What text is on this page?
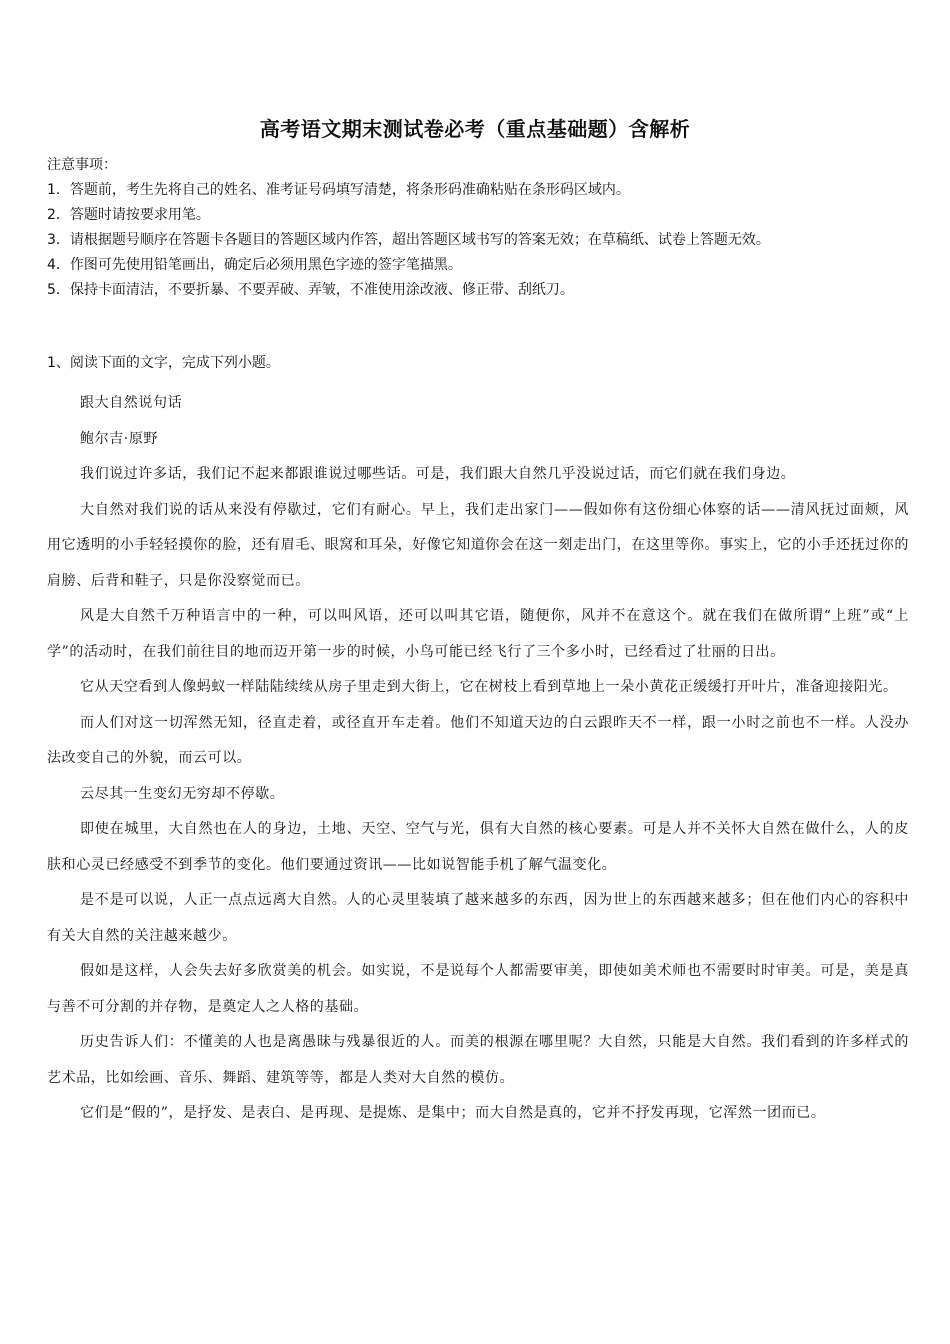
高考语文期末测试卷必考（重点基础题）含解析
注意事项：
1．答题前，考生先将自己的姓名、准考证号码填写清楚，将条形码准确粘贴在条形码区域内。
2．答题时请按要求用笔。
3．请根据题号顺序在答题卡各题目的答题区域内作答，超出答题区域书写的答案无效；在草稿纸、试卷上答题无效。
4．作图可先使用铅笔画出，确定后必须用黑色字迹的签字笔描黑。
5．保持卡面清洁，不要折暴、不要弄破、弄皱，不准使用涂改液、修正带、刮纸刀。
1、阅读下面的文字，完成下列小题。

跟大自然说句话

鲍尔吉·原野

我们说过许多话，我们记不起来都跟谁说过哪些话。可是，我们跟大自然几乎没说过话，而它们就在我们身边。

大自然对我们说的话从来没有停歇过，它们有耐心。早上，我们走出家门——假如你有这份细心体察的话——清风抚过面颊，风用它透明的小手轻轻摸你的脸，还有眉毛、眼窝和耳朵，好像它知道你会在这一刻走出门，在这里等你。事实上，它的小手还抚过你的肩膀、后背和鞋子，只是你没察觉而已。

风是大自然千万种语言中的一种，可以叫风语，还可以叫其它语，随便你，风并不在意这个。就在我们在做所谓“上班”或“上学”的活动时，在我们前往目的地而迈开第一步的时候，小鸟可能已经飞行了三个多小时，已经看过了壮丽的日出。

它从天空看到人像蚂蚁一样陆陆续续从房子里走到大街上，它在树枝上看到草地上一朵小黄花正缓缓打开叶片，准备迎接阳光。

而人们对这一切浑然无知，径直走着，或径直开车走着。他们不知道天边的白云跟昨天不一样，跟一小时之前也不一样。人没办法改变自己的外貌，而云可以。

云尽其一生变幻无穷却不停歇。

即使在城里，大自然也在人的身边，土地、天空、空气与光，俱有大自然的核心要素。可是人并不关怀大自然在做什么，人的皮肤和心灵已经感受不到季节的变化。他们要通过资讯——比如说智能手机了解气温变化。

是不是可以说，人正一点点远离大自然。人的心灵里装填了越来越多的东西，因为世上的东西越来越多；但在他们内心的容积中有关大自然的关注越来越少。

假如是这样，人会失去好多欣赏美的机会。如实说，不是说每个人都需要审美，即使如美术师也不需要时时审美。可是，美是真与善不可分割的并存物，是奠定人之人格的基础。

历史告诉人们：不懂美的人也是离愚昧与残暴很近的人。而美的根源在哪里呢？大自然，只能是大自然。我们看到的许多样式的艺术品，比如绘画、音乐、舞蹈、建筑等等，都是人类对大自然的模仿。

它们是“假的”，是抒发、是表白、是再现、是提炼、是集中；而大自然是真的，它并不抒发再现，它浑然一团而已。
